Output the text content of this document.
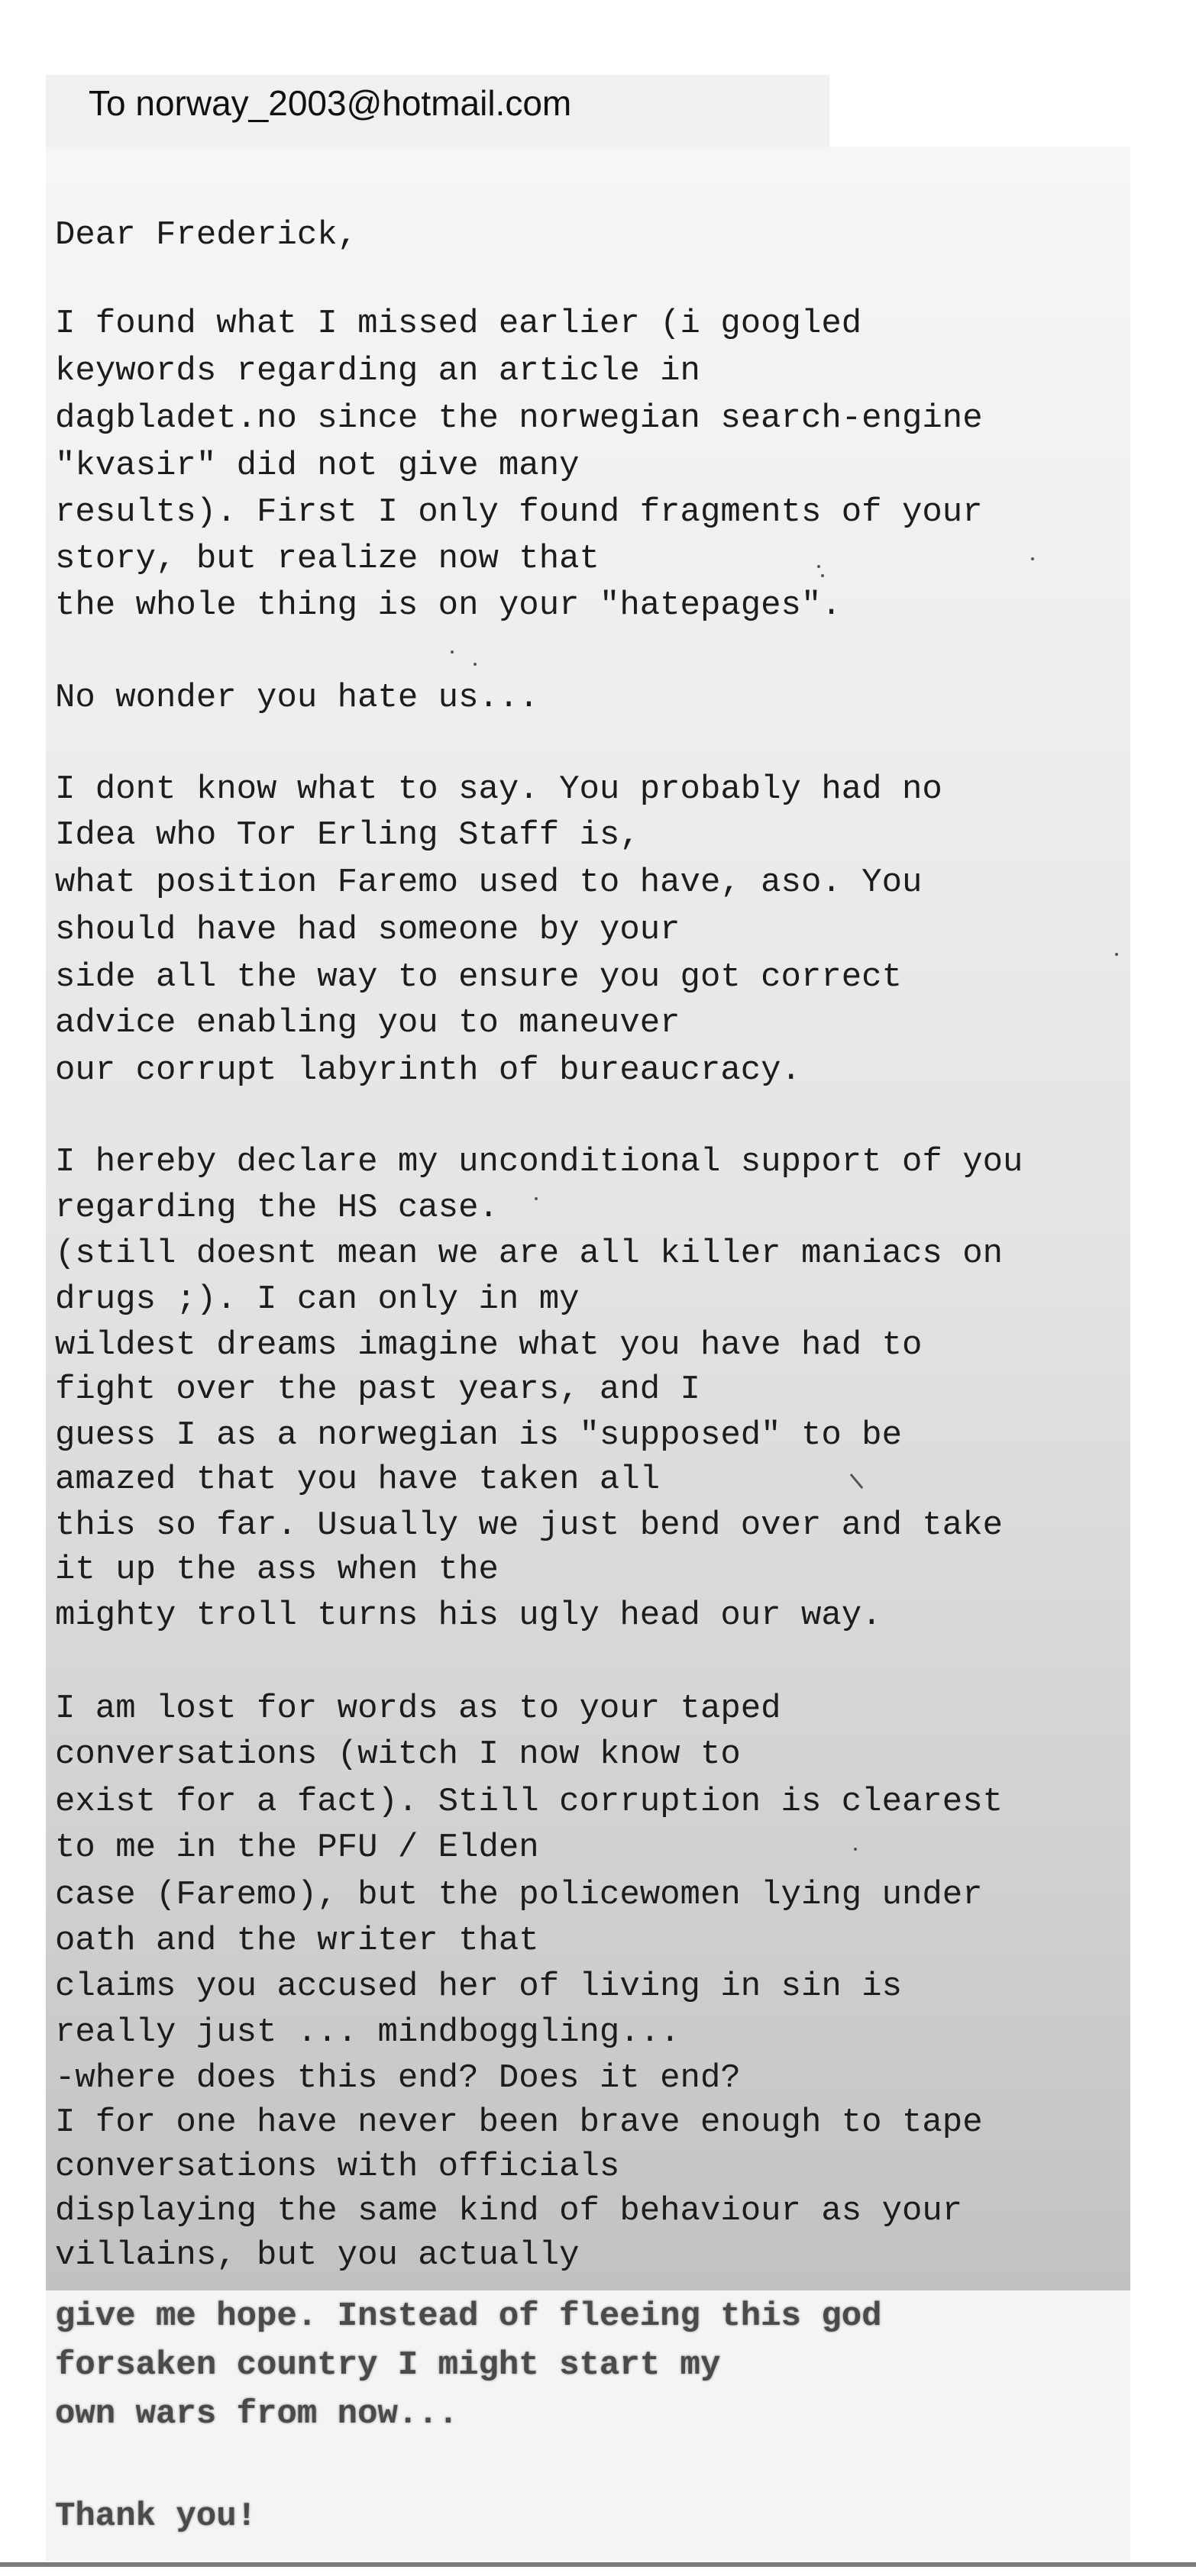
To norway_2003@hotmail.com

Dear Frederick,

I found what I missed earlier (i googled

keywords regarding an article in

dagbladet.no since the norwegian search-engine

"kvasir" did not give many

results). First I only found fragments of your

story, but realize now that

the whole thing is on your "hatepages".

No wonder you hate us...

I dont know what to say. You probably had no

Idea who Tor Erling Staff is,

what position Faremo used to have, aso. You

should have had someone by your

side all the way to ensure you got correct

advice enabling you to maneuver

our corrupt labyrinth of bureaucracy.

I hereby declare my unconditional support of you

regarding the HS case.

(still doesnt mean we are all killer maniacs on

drugs ;). I can only in my

wildest dreams imagine what you have had to

fight over the past years, and I

guess I as a norwegian is "supposed" to be

amazed that you have taken all

this so far. Usually we just bend over and take

it up the ass when the

mighty troll turns his ugly head our way.

I am lost for words as to your taped

conversations (witch I now know to

exist for a fact). Still corruption is clearest

to me in the PFU / Elden

case (Faremo), but the policewomen lying under

oath and the writer that

claims you accused her of living in sin is

really just ... mindboggling...

-where does this end? Does it end?

I for one have never been brave enough to tape

conversations with officials

displaying the same kind of behaviour as your

villains, but you actually

give me hope. Instead of fleeing this god

forsaken country I might start my

own wars from now...

Thank you!
